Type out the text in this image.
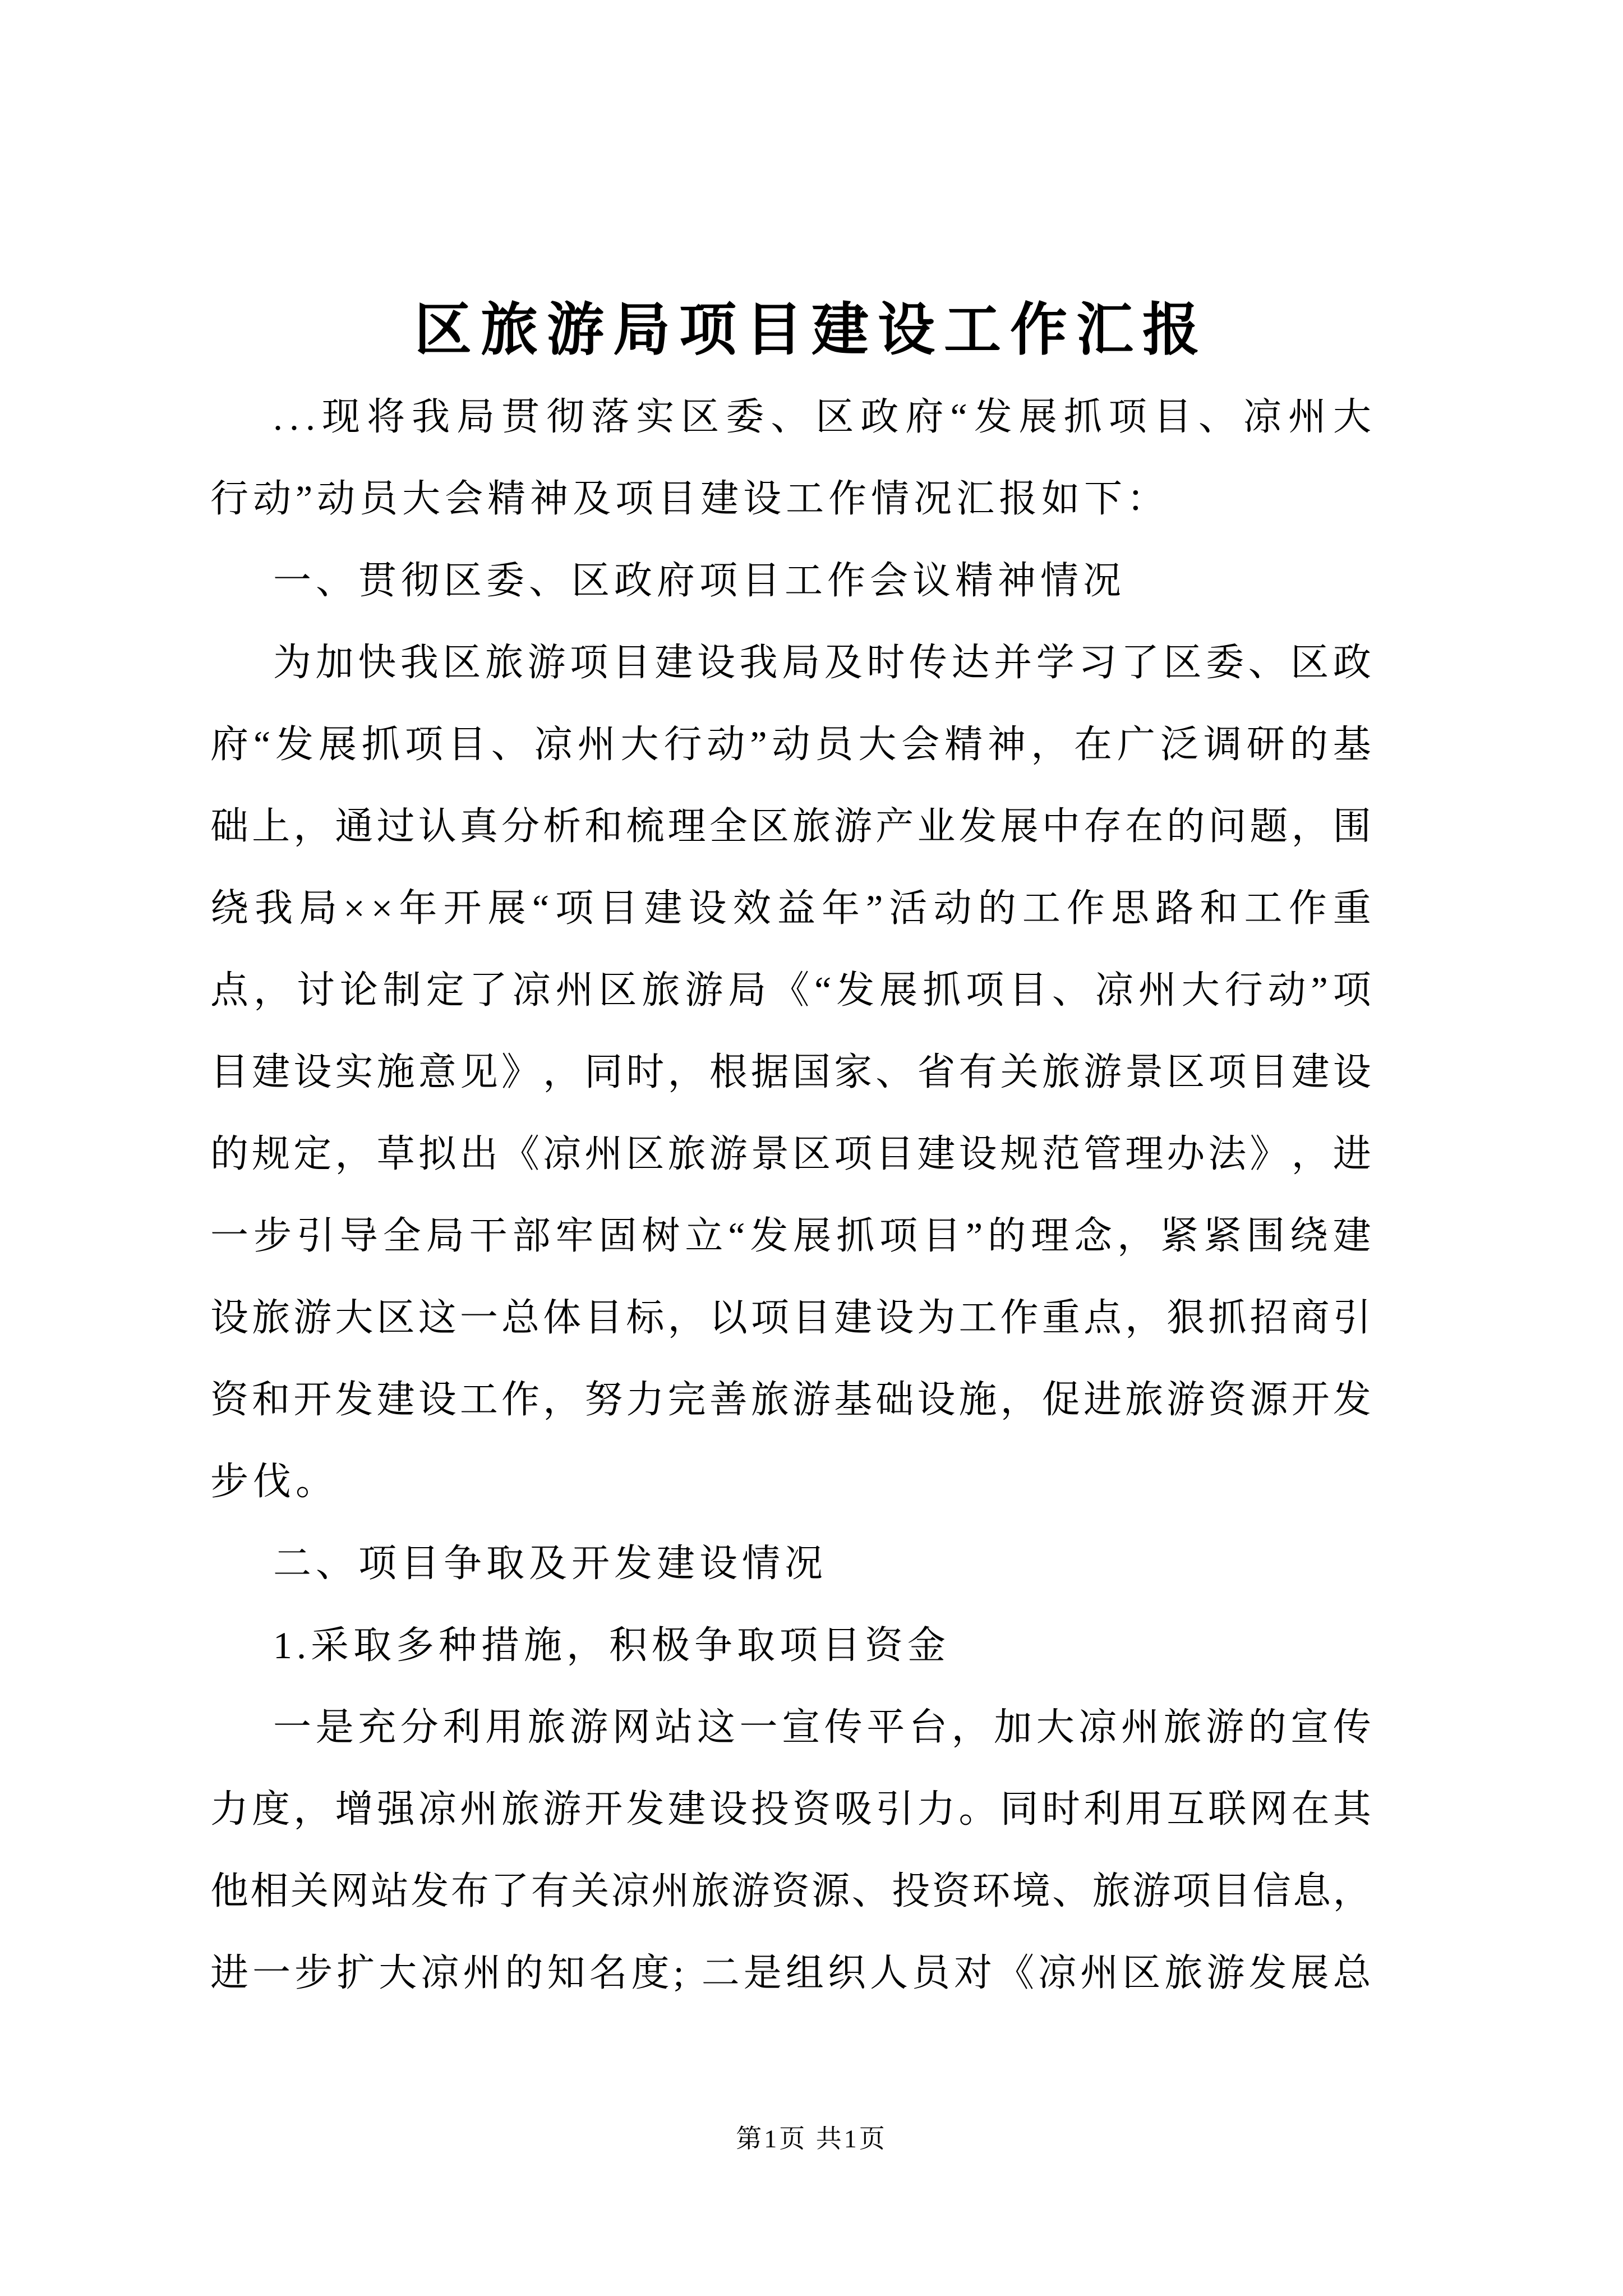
区旅游局项目建设工作汇报
. . . 现 将 我 局 贯 彻 落 实 区 委 、 区 政 府 “ 发 展 抓 项 目 、 凉 州 大
行动”动员大会精神及项目建设工作情况汇报如下：
一、贯彻区委、区政府项目工作会议精神情况
为 加 快 我 区 旅 游 项 目 建 设 我 局 及 时 传 达 并 学 习 了 区 委 、 区 政
府 “ 发 展 抓 项 目 、 凉 州 大 行 动 ” 动 员 大 会 精 神 ， 在 广 泛 调 研 的 基
础 上 ， 通 过 认 真 分 析 和 梳 理 全 区 旅 游 产 业 发 展 中 存 在 的 问 题 ， 围
绕 我 局 × × 年 开 展 “ 项 目 建 设 效 益 年 ” 活 动 的 工 作 思 路 和 工 作 重
点 ， 讨 论 制 定 了 凉 州 区 旅 游 局 《 “ 发 展 抓 项 目 、 凉 州 大 行 动 ” 项
目 建 设 实 施 意 见 》 ， 同 时 ， 根 据 国 家 、 省 有 关 旅 游 景 区 项 目 建 设
的 规 定 ， 草 拟 出 《 凉 州 区 旅 游 景 区 项 目 建 设 规 范 管 理 办 法 》 ， 进
一 步 引 导 全 局 干 部 牢 固 树 立 “ 发 展 抓 项 目 ” 的 理 念 ， 紧 紧 围 绕 建
设 旅 游 大 区 这 一 总 体 目 标 ， 以 项 目 建 设 为 工 作 重 点 ， 狠 抓 招 商 引
资 和 开 发 建 设 工 作 ， 努 力 完 善 旅 游 基 础 设 施 ， 促 进 旅 游 资 源 开 发
步伐。
二、项目争取及开发建设情况
1.采取多种措施，积极争取项目资金
一 是 充 分 利 用 旅 游 网 站 这 一 宣 传 平 台 ， 加 大 凉 州 旅 游 的 宣 传
力 度 ， 增 强 凉 州 旅 游 开 发 建 设 投 资 吸 引 力 。 同 时 利 用 互 联 网 在 其
他 相 关 网 站 发 布 了 有 关 凉 州 旅 游 资 源 、 投 资 环 境 、 旅 游 项 目 信 息 ，
进 一 步 扩 大 凉 州 的 知 名 度 ;
二 是 组 织 人 员 对 《 凉 州 区 旅 游 发 展 总
第1页 共1页
